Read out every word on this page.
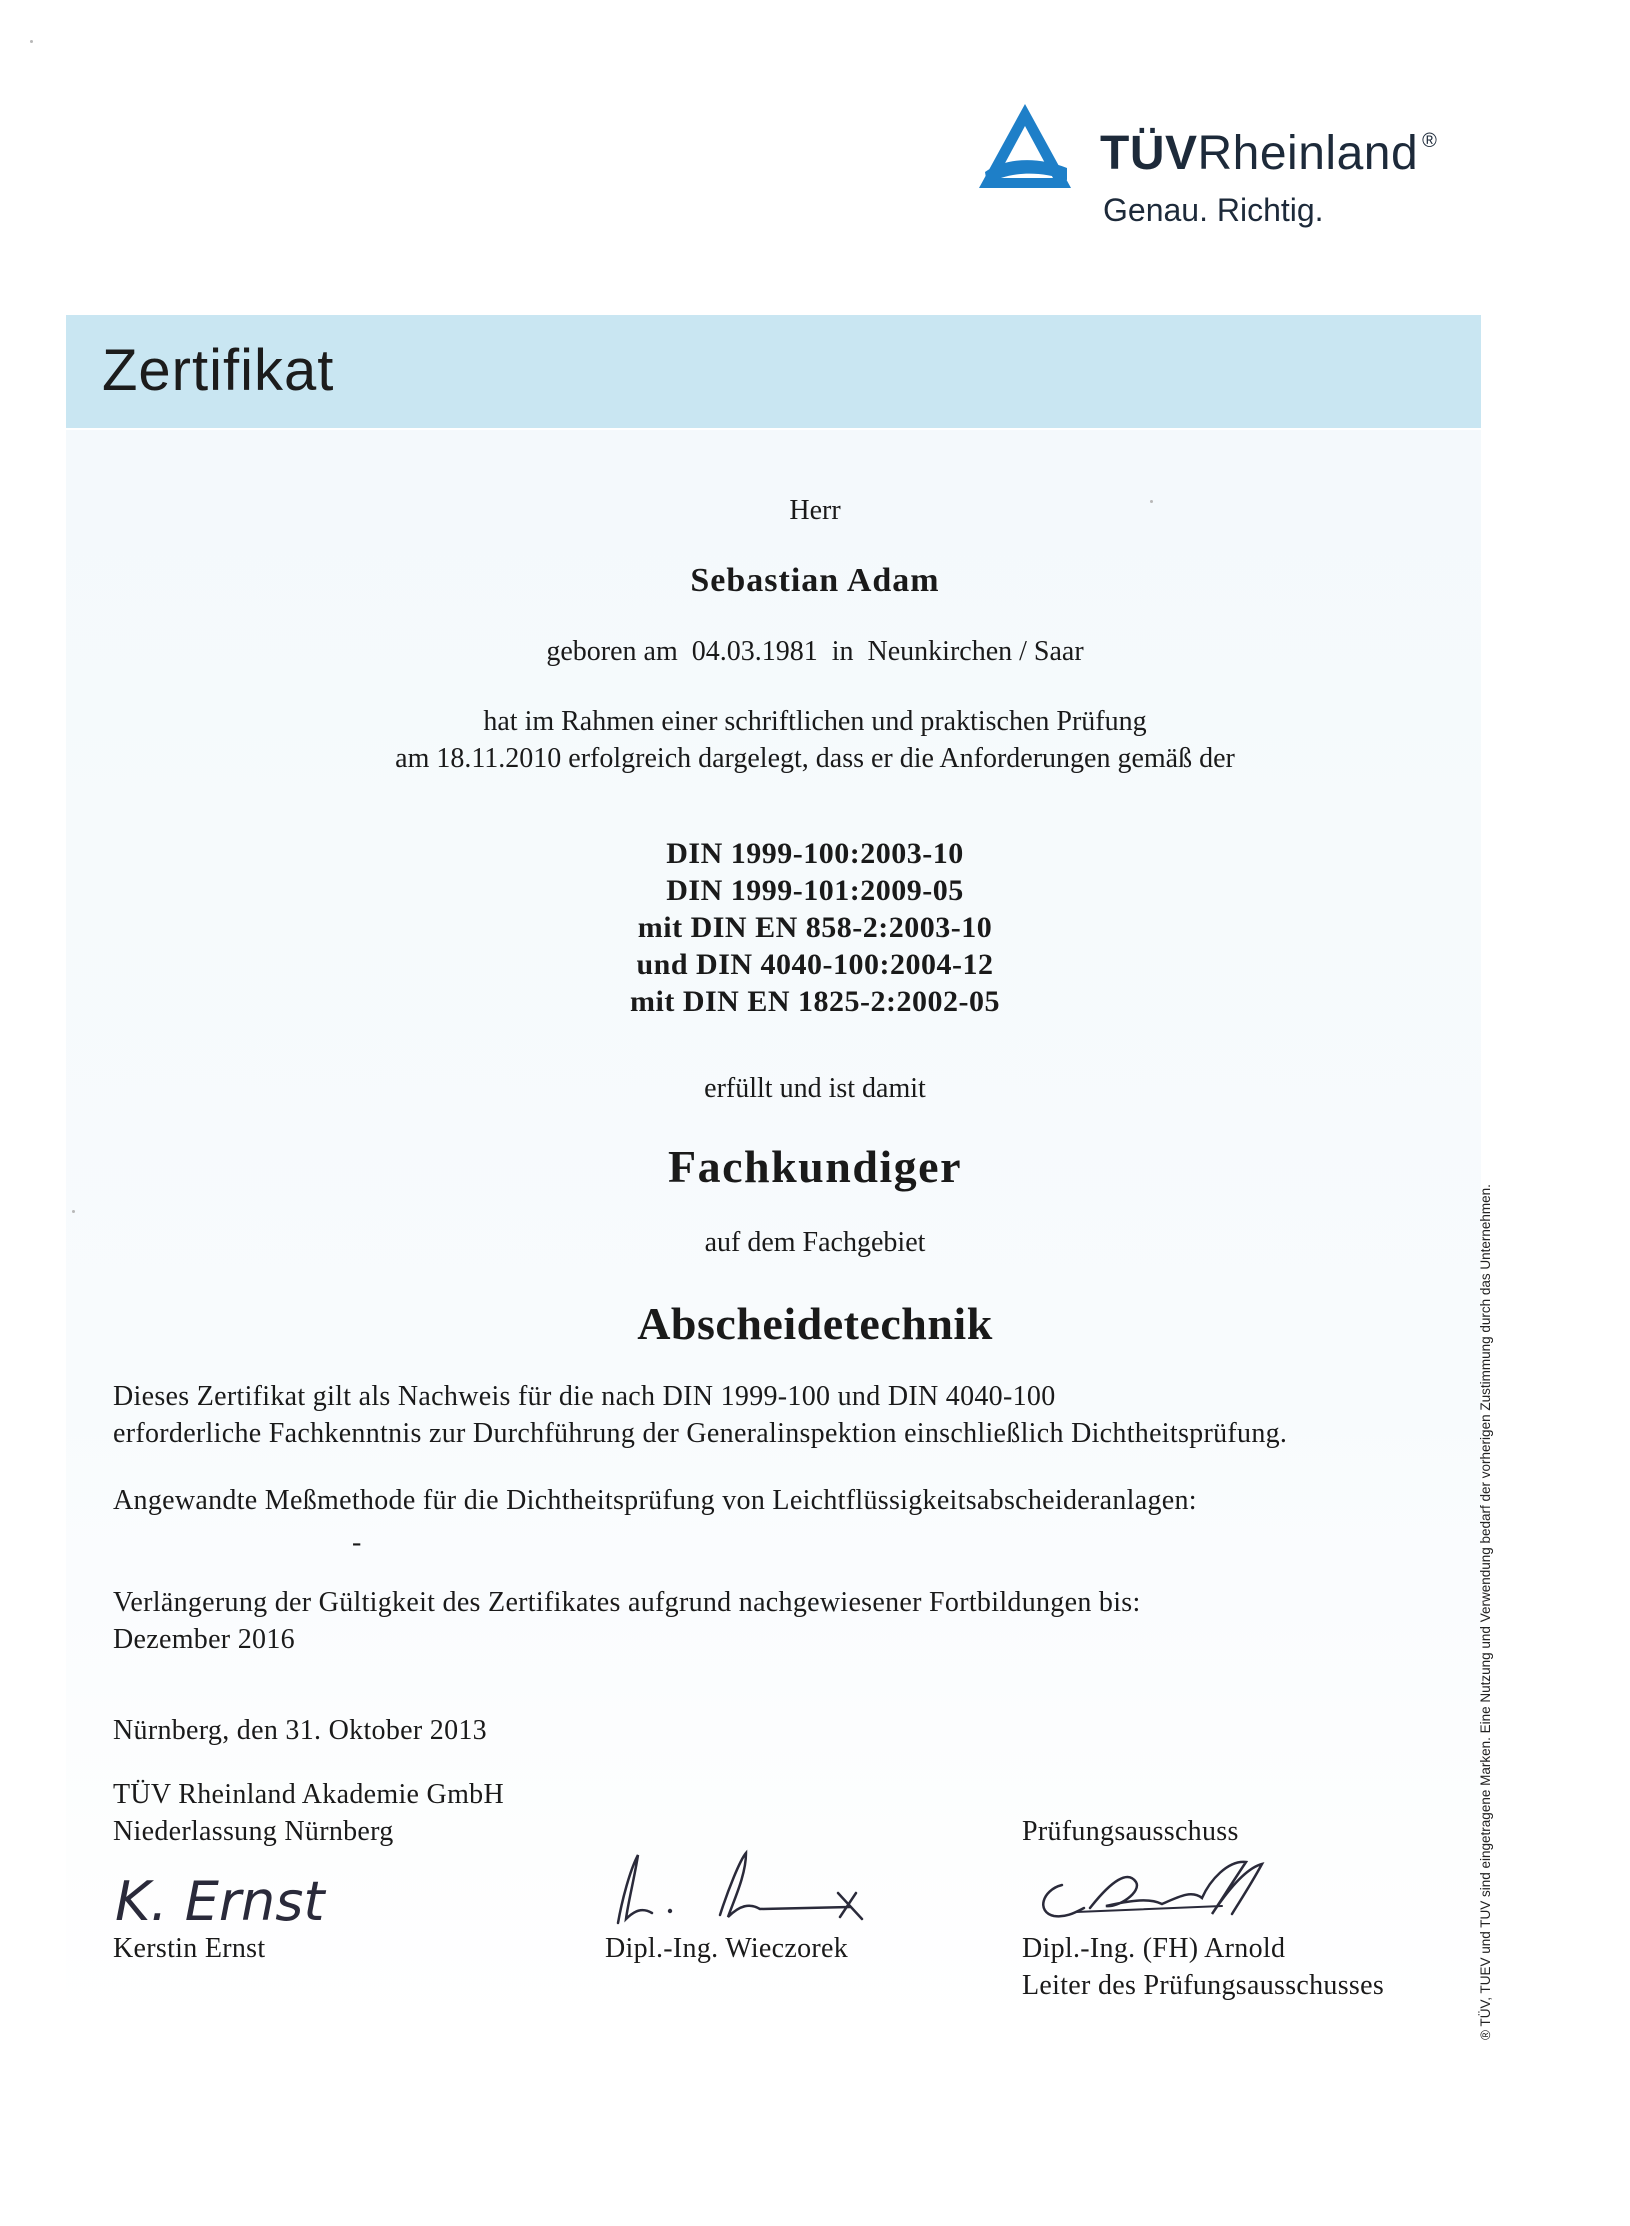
TÜVRheinland ®
Genau. Richtig.
Zertifikat
Herr
Sebastian Adam
geboren am  04.03.1981  in  Neunkirchen / Saar
hat im Rahmen einer schriftlichen und praktischen Prüfung
am 18.11.2010 erfolgreich dargelegt, dass er die Anforderungen gemäß der
DIN 1999-100:2003-10
DIN 1999-101:2009-05
mit DIN EN 858-2:2003-10
und DIN 4040-100:2004-12
mit DIN EN 1825-2:2002-05
erfüllt und ist damit
Fachkundiger
auf dem Fachgebiet
Abscheidetechnik
Dieses Zertifikat gilt als Nachweis für die nach DIN 1999-100 und DIN 4040-100
erforderliche Fachkenntnis zur Durchführung der Generalinspektion einschließlich Dichtheitsprüfung.
Angewandte Meßmethode für die Dichtheitsprüfung von Leichtflüssigkeitsabscheideranlagen:
-
Verlängerung der Gültigkeit des Zertifikates aufgrund nachgewiesener Fortbildungen bis:
Dezember 2016
Nürnberg, den 31. Oktober 2013
TÜV Rheinland Akademie GmbH
Niederlassung Nürnberg	Prüfungsausschuss
K. Ernst
Kerstin Ernst	Dipl.-Ing. Wieczorek	Dipl.-Ing. (FH) Arnold
Leiter des Prüfungsausschusses	® TÜV, TUEV und TUV sind eingetragene Marken. Eine Nutzung und Verwendung bedarf der vorherigen Zustimmung durch das Unternehmen.
